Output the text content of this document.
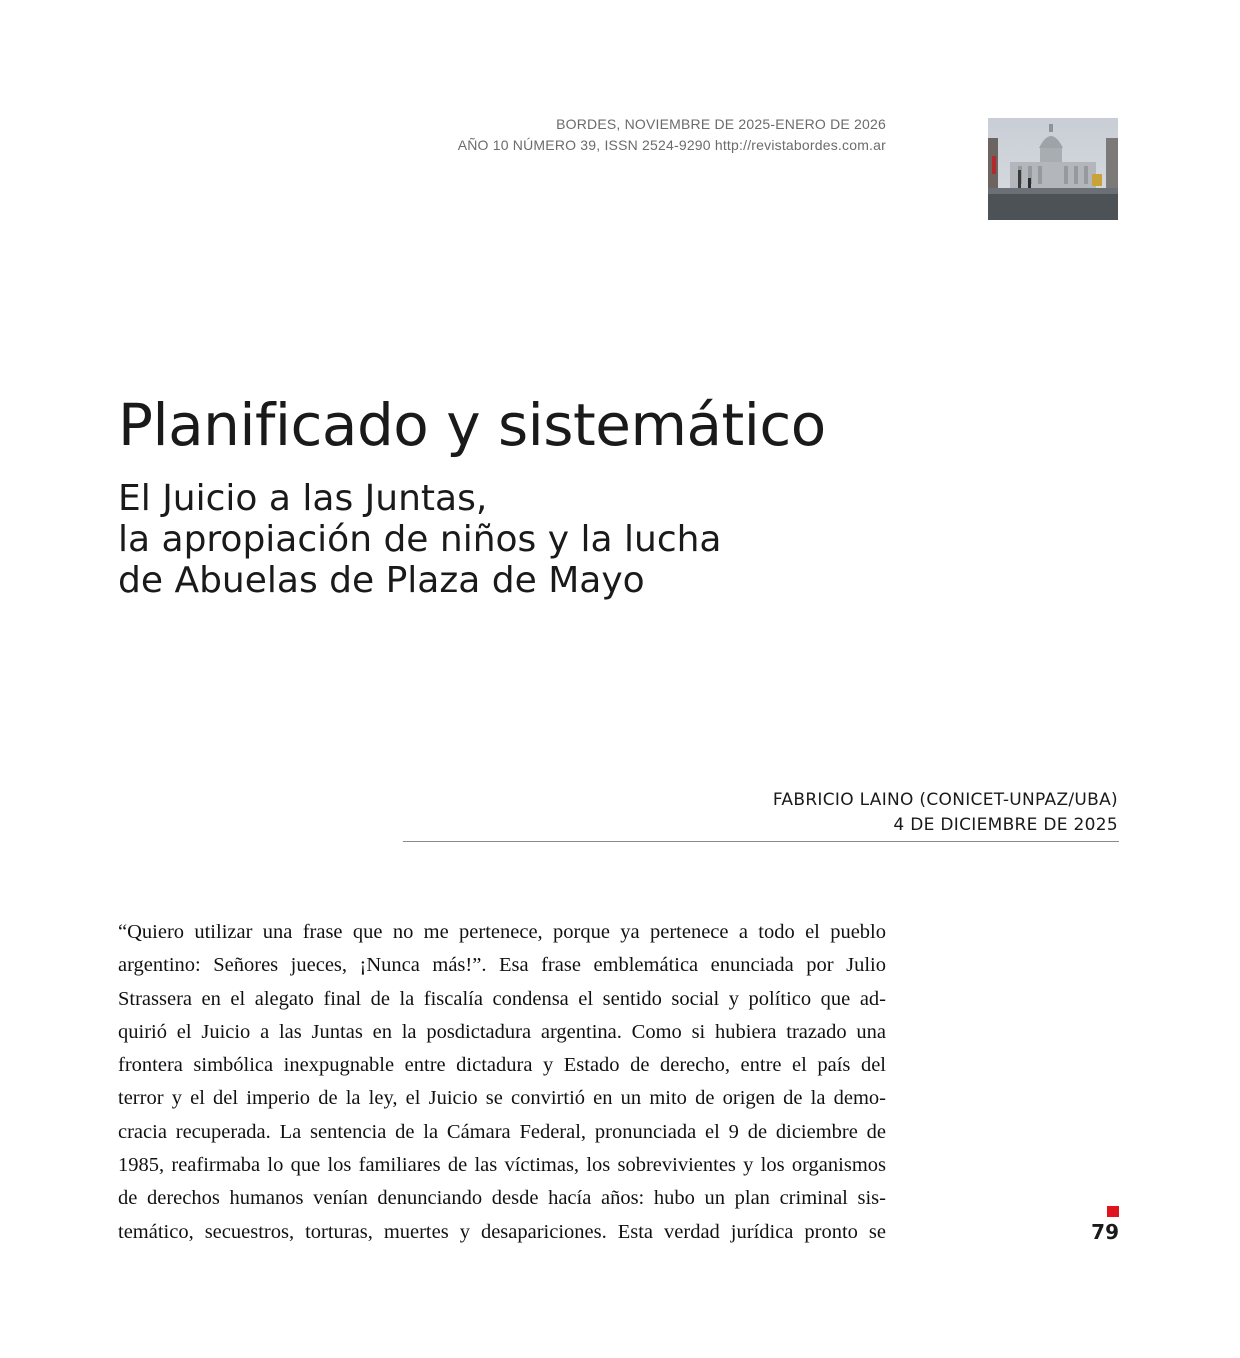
BORDES, NOVIEMBRE DE 2025-ENERO DE 2026
AÑO 10 NÚMERO 39, ISSN 2524-9290 http://revistabordes.com.ar
Planificado y sistemático
El Juicio a las Juntas,
la apropiación de niños y la lucha
de Abuelas de Plaza de Mayo
FABRICIO LAINO (CONICET-UNPAZ/UBA)
4 DE DICIEMBRE DE 2025
“Quiero utilizar una frase que no me pertenece, porque ya pertenece a todo el pueblo
argentino: Señores jueces, ¡Nunca más!”. Esa frase emblemática enunciada por Julio
Strassera en el alegato final de la fiscalía condensa el sentido social y político que ad-
quirió el Juicio a las Juntas en la posdictadura argentina. Como si hubiera trazado una
frontera simbólica inexpugnable entre dictadura y Estado de derecho, entre el país del
terror y el del imperio de la ley, el Juicio se convirtió en un mito de origen de la demo-
cracia recuperada. La sentencia de la Cámara Federal, pronunciada el 9 de diciembre de
1985, reafirmaba lo que los familiares de las víctimas, los sobrevivientes y los organismos
de derechos humanos venían denunciando desde hacía años: hubo un plan criminal sis-
temático, secuestros, torturas, muertes y desapariciones. Esta verdad jurídica pronto se	79
